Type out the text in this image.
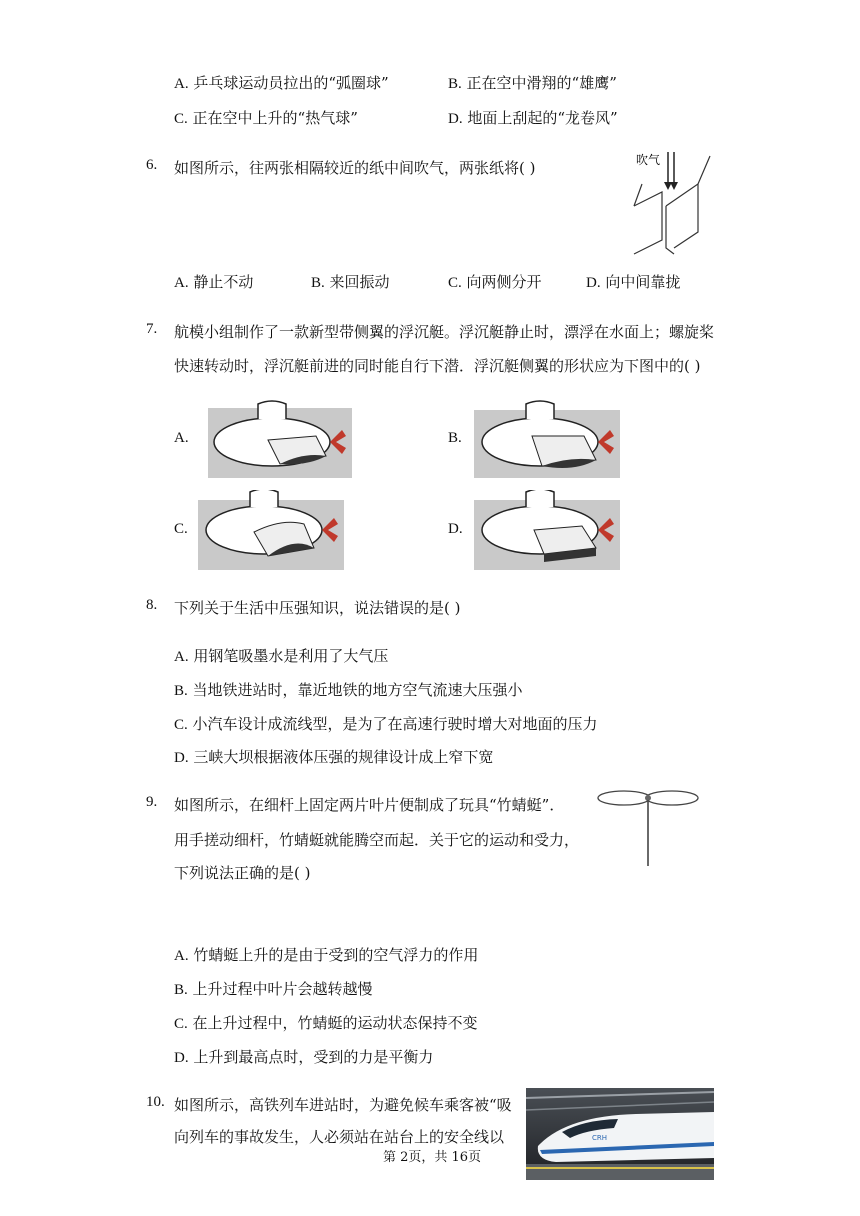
A. 乒乓球运动员拉出的“弧圈球”	B. 正在空中滑翔的“雄鹰”
C. 正在空中上升的“热气球”	D. 地面上刮起的“龙卷风”
6. 如图所示，往两张相隔较近的纸中间吹气，两张纸将( )	吹气
A. 静止不动	B. 来回振动	C. 向两侧分开	D. 向中间靠拢
7. 航模小组制作了一款新型带侧翼的浮沉艇。浮沉艇静止时，漂浮在水面上；螺旋桨
快速转动时，浮沉艇前进的同时能自行下潜．浮沉艇侧翼的形状应为下图中的( )
A.	B.
C.	D.
8. 下列关于生活中压强知识，说法错误的是( )
A. 用钢笔吸墨水是利用了大气压
B. 当地铁进站时，靠近地铁的地方空气流速大压强小
C. 小汽车设计成流线型，是为了在高速行驶时增大对地面的压力
D. 三峡大坝根据液体压强的规律设计成上窄下宽
9. 如图所示，在细杆上固定两片叶片便制成了玩具“竹蜻蜓”．
用手搓动细杆，竹蜻蜓就能腾空而起．关于它的运动和受力，
下列说法正确的是( )
A. 竹蜻蜓上升的是由于受到的空气浮力的作用
B. 上升过程中叶片会越转越慢
C. 在上升过程中，竹蜻蜓的运动状态保持不变
D. 上升到最高点时，受到的力是平衡力
10. 如图所示，高铁列车进站时，为避免候车乘客被“吸
向列车的事故发生，人必须站在站台上的安全线以	CRH
第 2页，共 16页
